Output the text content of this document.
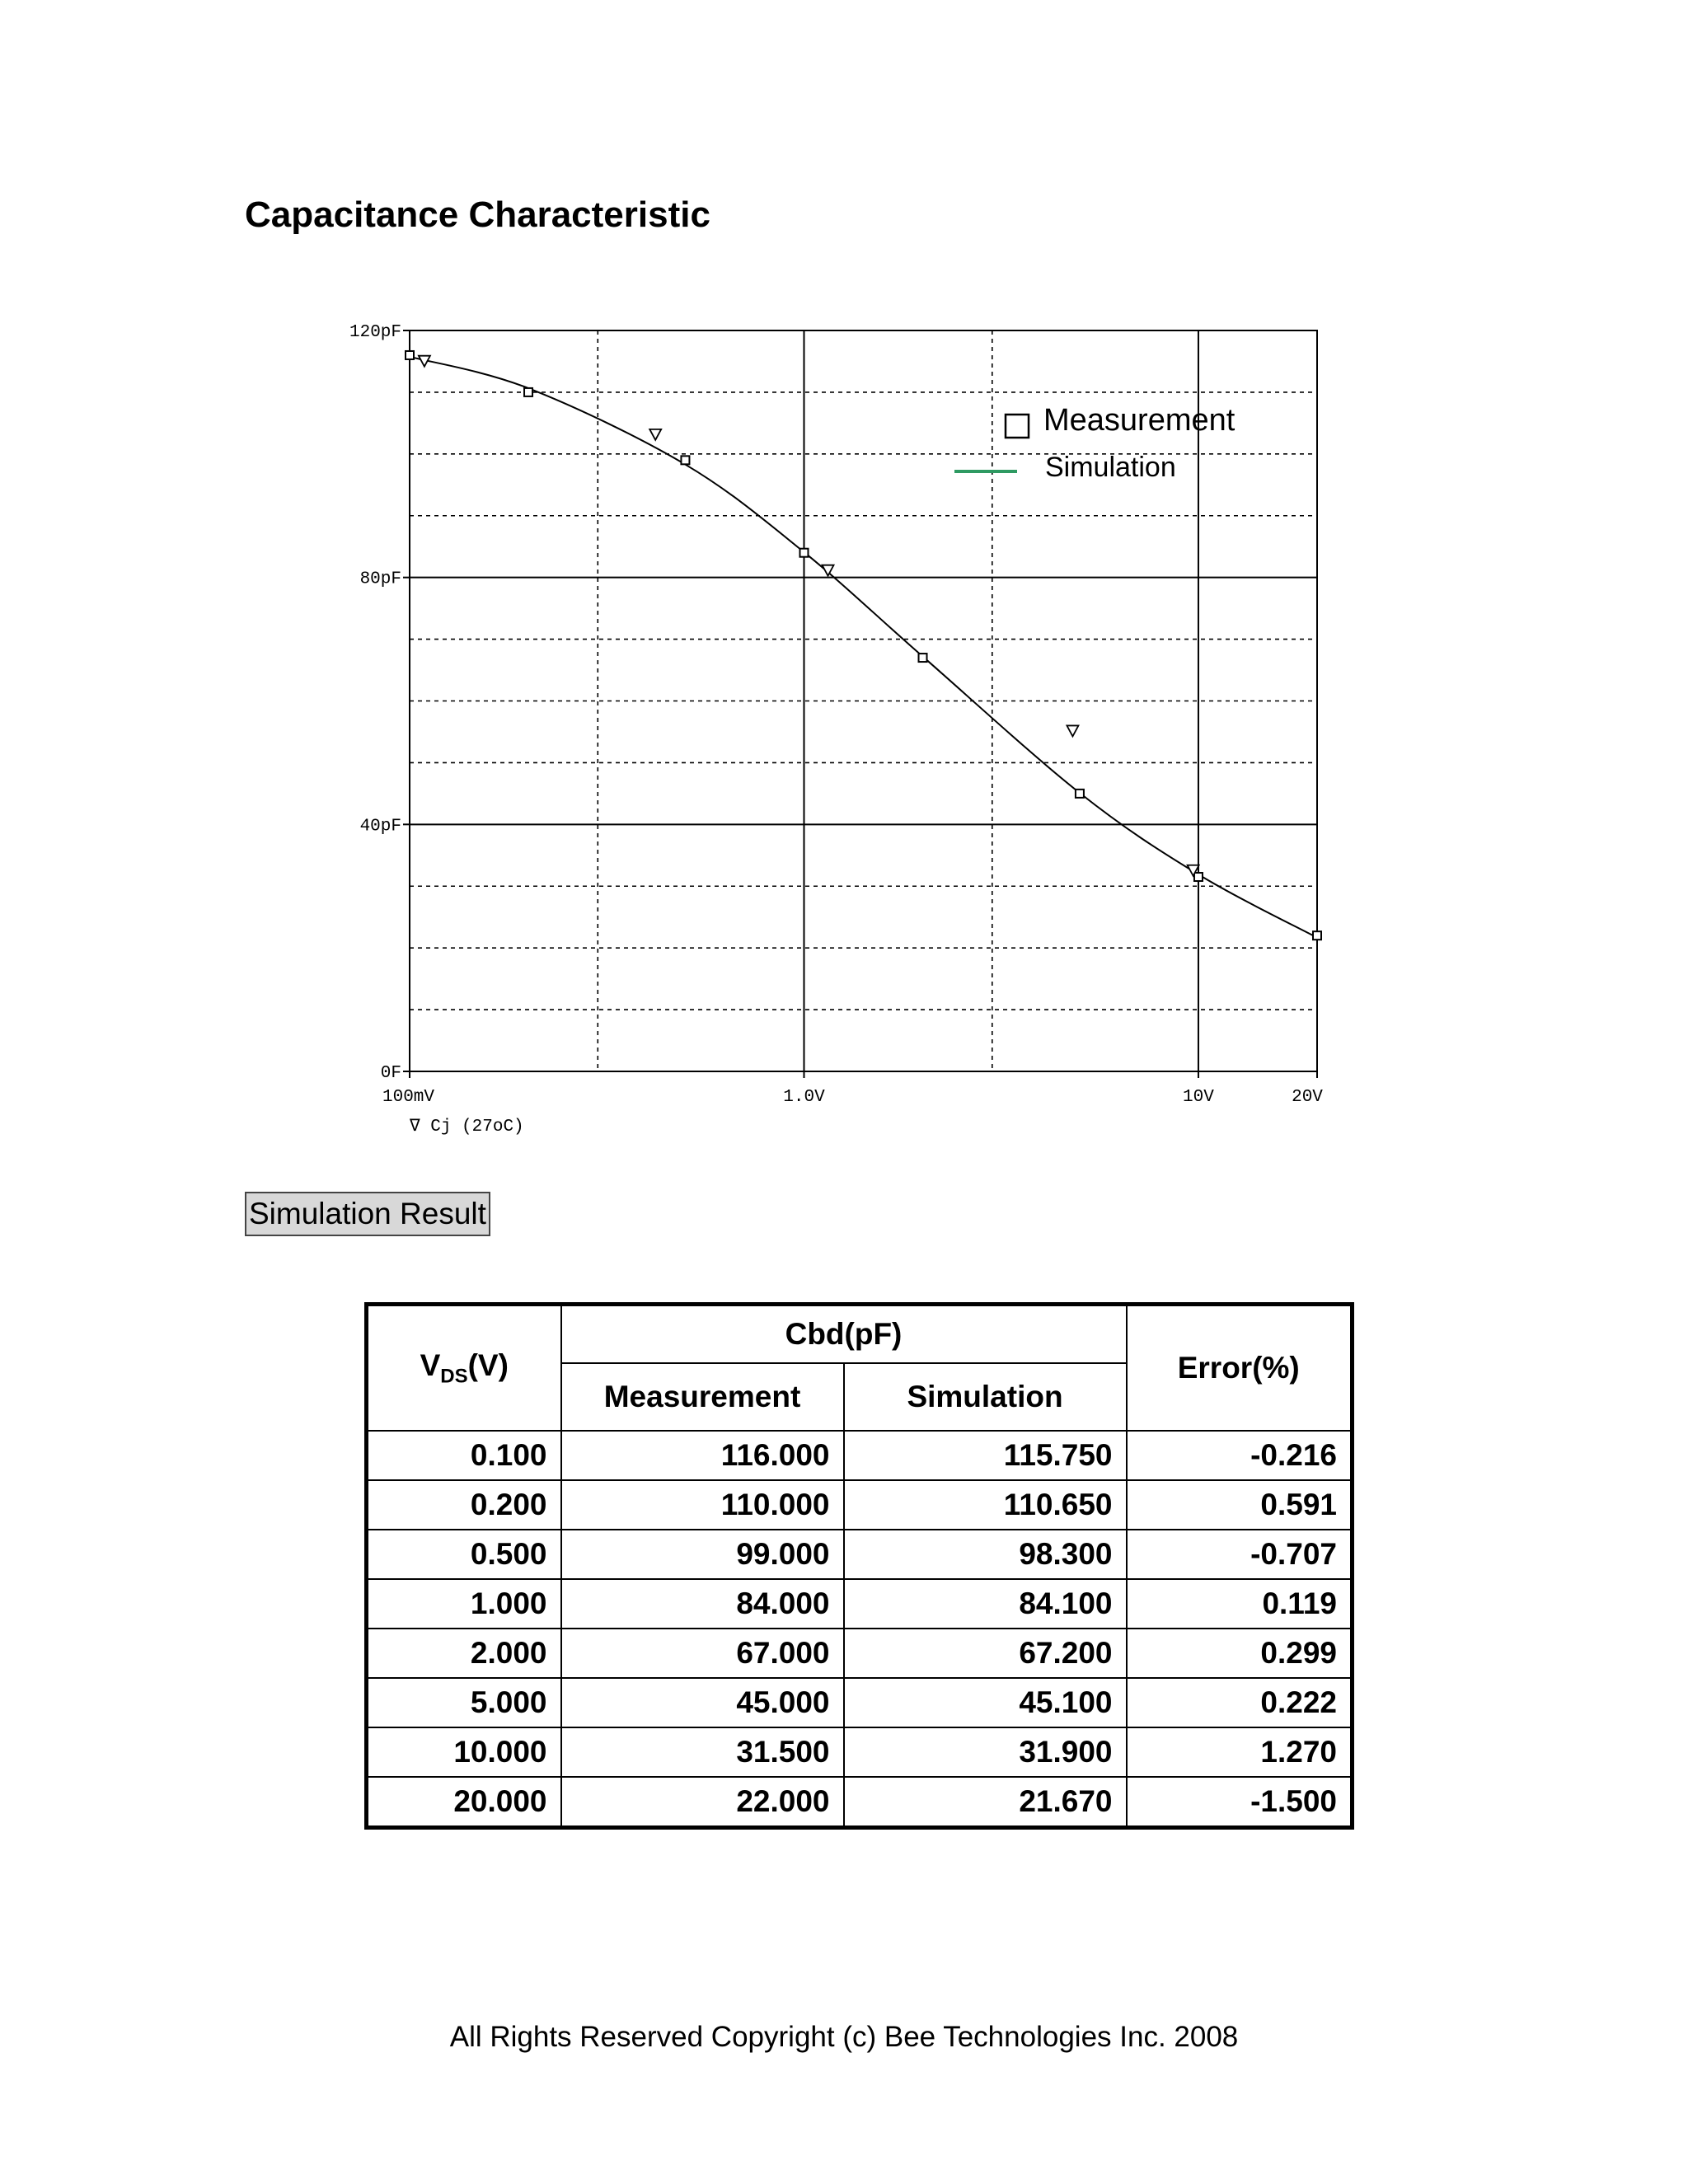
Capacitance Characteristic
0F
40pF
80pF
120pF
100mV	1.0V	10V	20V
∇ Cj (27oC)
Measurement
Simulation
Simulation Result
$V_{DS}(V)$	Cbd(pF)		Error(%)
	Measurement	Simulation	
0.100	116.000	115.750	-0.216
0.200	110.000	110.650	0.591
0.500	99.000	98.300	-0.707
1.000	84.000	84.100	0.119
2.000	67.000	67.200	0.299
5.000	45.000	45.100	0.222
10.000	31.500	31.900	1.270
20.000	22.000	21.670	-1.500
All Rights Reserved Copyright (c) Bee Technologies Inc. 2008
